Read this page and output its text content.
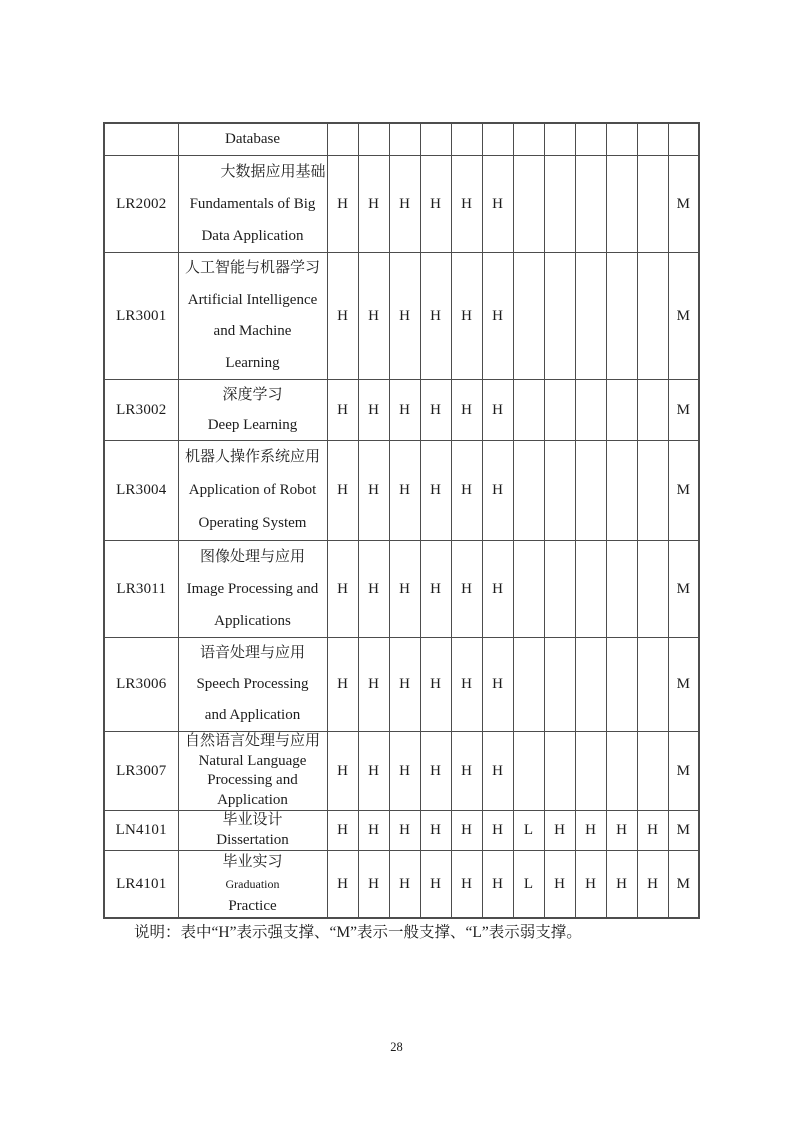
	Database												

LR2002	大数据应用基础
Fundamentals of Big
Data Application	H	H	H	H	H	H						M
LR3001	人工智能与机器学习
Artificial Intelligence
and Machine
Learning	H	H	H	H	H	H						M
LR3002	深度学习
Deep Learning	H	H	H	H	H	H						M
LR3004	机器人操作系统应用
Application of Robot
Operating System	H	H	H	H	H	H						M
LR3011	图像处理与应用
Image Processing and
Applications	H	H	H	H	H	H						M
LR3006	语音处理与应用
Speech Processing
and Application	H	H	H	H	H	H						M
LR3007	自然语言处理与应用
Natural Language
Processing and
Application	H	H	H	H	H	H						M
LN4101	毕业设计
Dissertation	H	H	H	H	H	H	L	H	H	H	H	M
LR4101	毕业实习
Graduation
Practice	H	H	H	H	H	H	L	H	H	H	H	M
说明：表中“H”表示强支撑、“M”表示一般支撑、“L”表示弱支撑。
28
